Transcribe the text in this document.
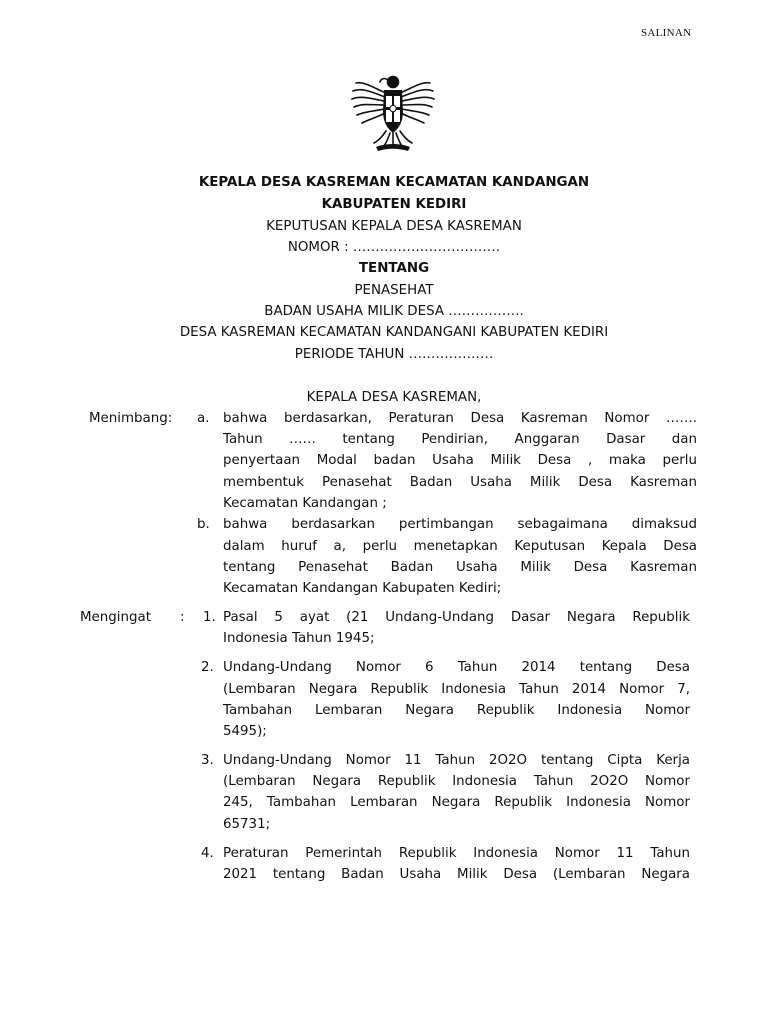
SALINAN
KEPALA DESA KASREMAN KECAMATAN KANDANGAN
KABUPATEN KEDIRI
KEPUTUSAN KEPALA DESA KASREMAN
NOMOR : ……………………………
TENTANG
PENASEHAT
BADAN USAHA MILIK DESA ……………..
DESA KASREMAN KECAMATAN KANDANGANI KABUPATEN KEDIRI
PERIODE TAHUN ……………….
KEPALA DESA KASREMAN,
Menimbang: a. bahwa berdasarkan, Peraturan Desa Kasreman Nomor …….
Tahun …… tentang Pendirian, Anggaran Dasar dan
penyertaan Modal badan Usaha Milik Desa , maka perlu
membentuk Penasehat Badan Usaha Milik Desa Kasreman
Kecamatan Kandangan ;
b. bahwa berdasarkan pertimbangan sebagaimana dimaksud
dalam huruf a, perlu menetapkan Keputusan Kepala Desa
tentang Penasehat Badan Usaha Milik Desa Kasreman
Kecamatan Kandangan Kabupaten Kediri;
Mengingat : 1. Pasal 5 ayat (21 Undang-Undang Dasar Negara Republik
Indonesia Tahun 1945;
2. Undang-Undang Nomor 6 Tahun 2014 tentang Desa
(Lembaran Negara Republik Indonesia Tahun 2014 Nomor 7,
Tambahan Lembaran Negara Republik Indonesia Nomor
5495);
3. Undang-Undang Nomor 11 Tahun 2O2O tentang Cipta Kerja
(Lembaran Negara Republik Indonesia Tahun 2O2O Nomor
245, Tambahan Lembaran Negara Republik Indonesia Nomor
65731;
4. Peraturan Pemerintah Republik Indonesia Nomor 11 Tahun
2021 tentang Badan Usaha Milik Desa (Lembaran Negara
